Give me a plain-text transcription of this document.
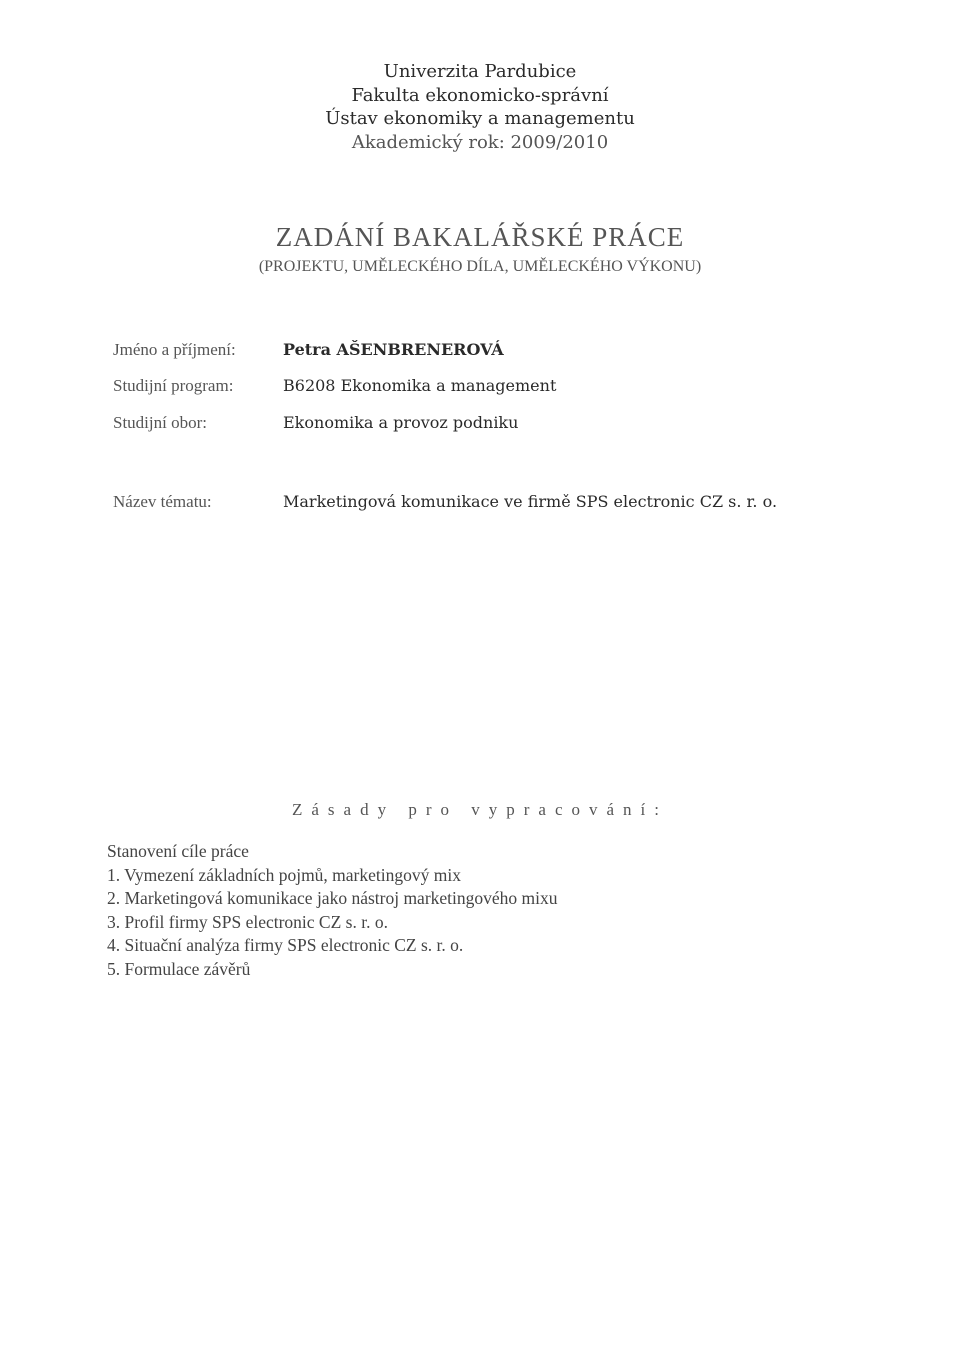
Univerzita Pardubice
Fakulta ekonomicko-správní
Ústav ekonomiky a managementu
Akademický rok: 2009/2010
ZADÁNÍ BAKALÁŘSKÉ PRÁCE
(PROJEKTU, UMĚLECKÉHO DÍLA, UMĚLECKÉHO VÝKONU)
Jméno a příjmení:	Petra AŠENBRENEROVÁ
Studijní program:	B6208 Ekonomika a management
Studijní obor:	Ekonomika a provoz podniku
Název tématu:	Marketingová komunikace ve firmě SPS electronic CZ s. r. o.
Zásady pro vypracování:
Stanovení cíle práce
1. Vymezení základních pojmů, marketingový mix
2. Marketingová komunikace jako nástroj marketingového mixu
3. Profil firmy SPS electronic CZ s. r. o.
4. Situační analýza firmy SPS electronic CZ s. r. o.
5. Formulace závěrů
